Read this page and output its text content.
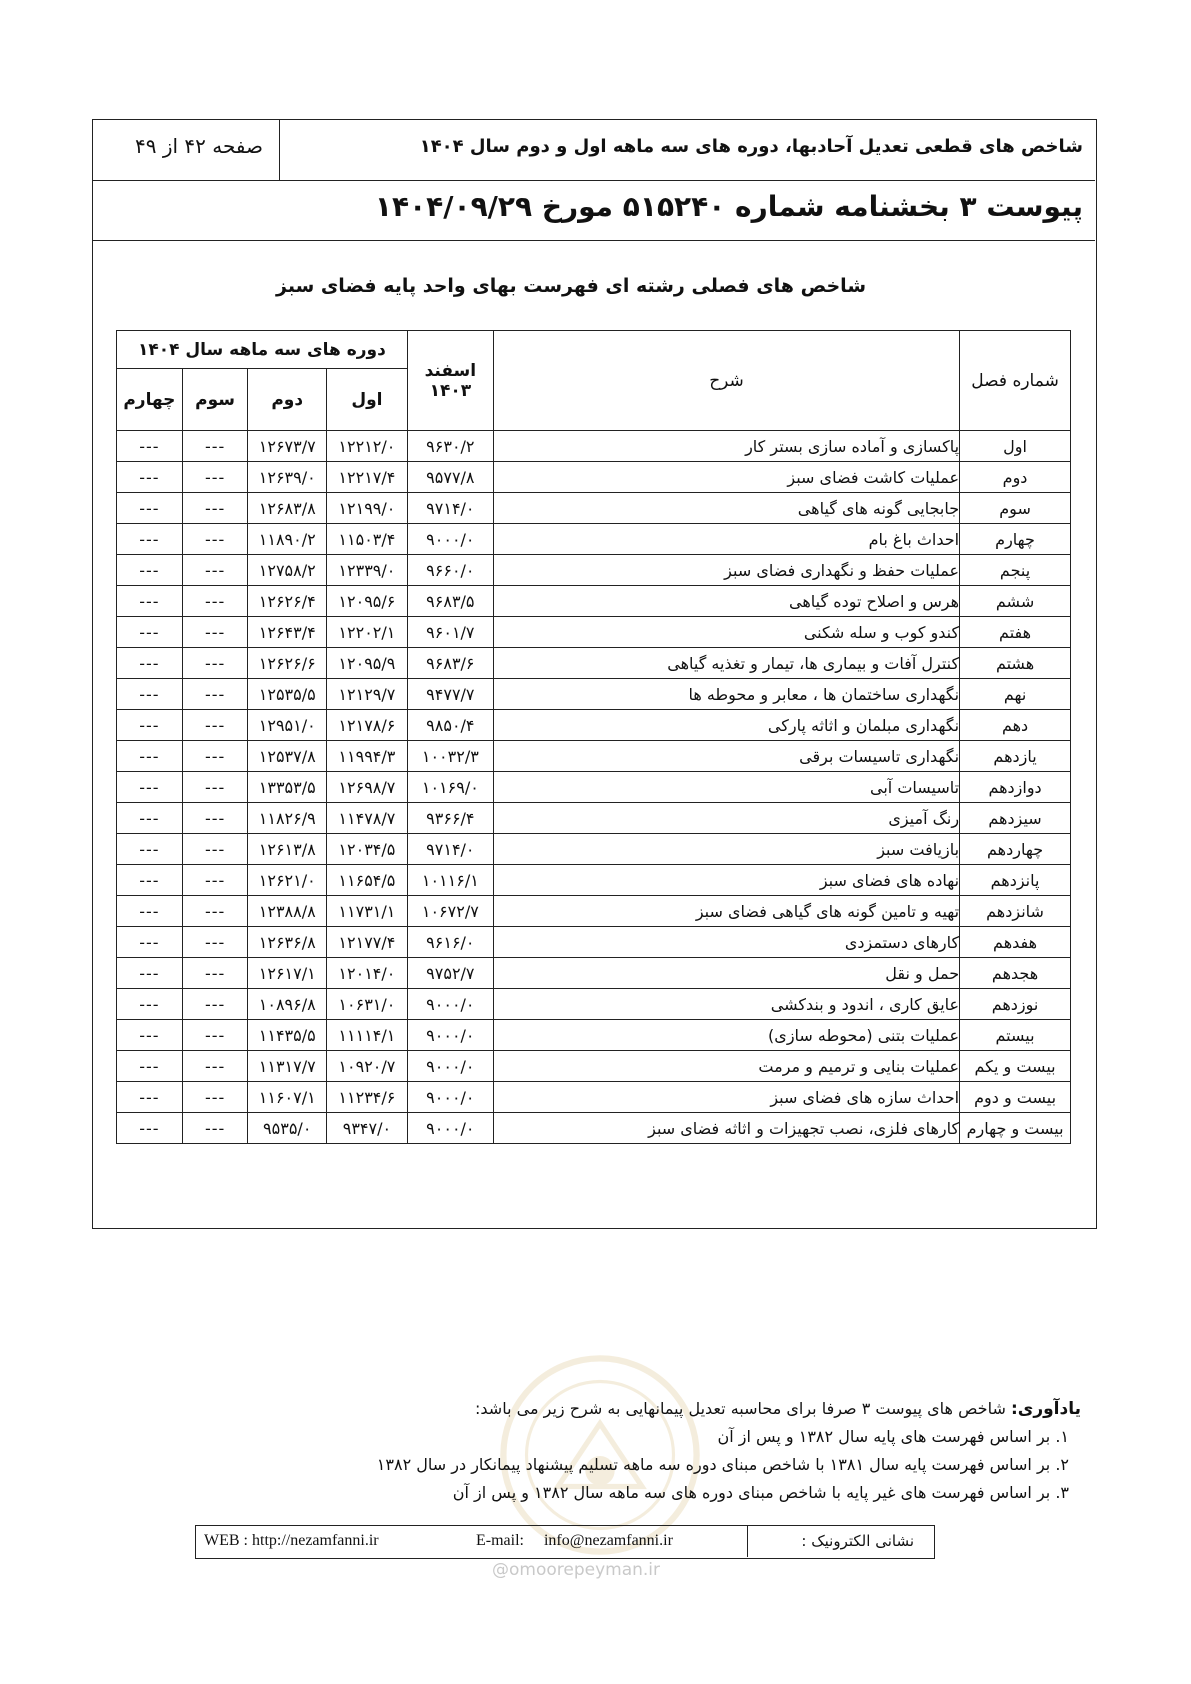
شاخص های قطعی تعدیل آحادبها، دوره های سه ماهه اول و دوم سال ۱۴۰۴
صفحه ۴۲ از ۴۹
پیوست ۳ بخشنامه شماره ۵۱۵۲۴۰ مورخ ۱۴۰۴/۰۹/۲۹
شاخص های فصلی رشته ای فهرست بهای واحد پایه فضای سبز
شماره فصل	شرح	اسفند
۱۴۰۳	دوره های سه ماهه سال ۱۴۰۴			
			اول	دوم	سوم	چهارم
اول	پاکسازی و آماده سازی بستر کار	۹۶۳۰/۲	۱۲۲۱۲/۰	۱۲۶۷۳/۷	---	---
دوم	عملیات کاشت فضای سبز	۹۵۷۷/۸	۱۲۲۱۷/۴	۱۲۶۳۹/۰	---	---
سوم	جابجایی گونه های گیاهی	۹۷۱۴/۰	۱۲۱۹۹/۰	۱۲۶۸۳/۸	---	---
چهارم	احداث باغ بام	۹۰۰۰/۰	۱۱۵۰۳/۴	۱۱۸۹۰/۲	---	---
پنجم	عملیات حفظ و نگهداری فضای سبز	۹۶۶۰/۰	۱۲۳۳۹/۰	۱۲۷۵۸/۲	---	---
ششم	هرس و اصلاح توده گیاهی	۹۶۸۳/۵	۱۲۰۹۵/۶	۱۲۶۲۶/۴	---	---
هفتم	کندو کوب و سله شکنی	۹۶۰۱/۷	۱۲۲۰۲/۱	۱۲۶۴۳/۴	---	---
هشتم	کنترل آفات و بیماری ها، تیمار و تغذیه گیاهی	۹۶۸۳/۶	۱۲۰۹۵/۹	۱۲۶۲۶/۶	---	---
نهم	نگهداری ساختمان ها ، معابر و محوطه ها	۹۴۷۷/۷	۱۲۱۲۹/۷	۱۲۵۳۵/۵	---	---
دهم	نگهداری مبلمان و اثاثه پارکی	۹۸۵۰/۴	۱۲۱۷۸/۶	۱۲۹۵۱/۰	---	---
یازدهم	نگهداری تاسیسات برقی	۱۰۰۳۲/۳	۱۱۹۹۴/۳	۱۲۵۳۷/۸	---	---
دوازدهم	تاسیسات آبی	۱۰۱۶۹/۰	۱۲۶۹۸/۷	۱۳۳۵۳/۵	---	---
سیزدهم	رنگ آمیزی	۹۳۶۶/۴	۱۱۴۷۸/۷	۱۱۸۲۶/۹	---	---
چهاردهم	بازیافت سبز	۹۷۱۴/۰	۱۲۰۳۴/۵	۱۲۶۱۳/۸	---	---
پانزدهم	نهاده های فضای سبز	۱۰۱۱۶/۱	۱۱۶۵۴/۵	۱۲۶۲۱/۰	---	---
شانزدهم	تهیه و تامین گونه های گیاهی فضای سبز	۱۰۶۷۲/۷	۱۱۷۳۱/۱	۱۲۳۸۸/۸	---	---
هفدهم	کارهای دستمزدی	۹۶۱۶/۰	۱۲۱۷۷/۴	۱۲۶۳۶/۸	---	---
هجدهم	حمل و نقل	۹۷۵۲/۷	۱۲۰۱۴/۰	۱۲۶۱۷/۱	---	---
نوزدهم	عایق کاری ، اندود و بندکشی	۹۰۰۰/۰	۱۰۶۳۱/۰	۱۰۸۹۶/۸	---	---
بیستم	عملیات بتنی (محوطه سازی)	۹۰۰۰/۰	۱۱۱۱۴/۱	۱۱۴۳۵/۵	---	---
بیست و یکم	عملیات بنایی و ترمیم و مرمت	۹۰۰۰/۰	۱۰۹۲۰/۷	۱۱۳۱۷/۷	---	---
بیست و دوم	احداث سازه های فضای سبز	۹۰۰۰/۰	۱۱۲۳۴/۶	۱۱۶۰۷/۱	---	---
بیست و چهارم	کارهای فلزی، نصب تجهیزات و اثاثه فضای سبز	۹۰۰۰/۰	۹۳۴۷/۰	۹۵۳۵/۰	---	---
@omoorepeyman.ir
یادآوری: شاخص های پیوست ۳ صرفا برای محاسبه تعدیل پیمانهایی به شرح زیر می باشد:
۱. بر اساس فهرست های پایه سال ۱۳۸۲ و پس از آن
۲. بر اساس فهرست پایه سال ۱۳۸۱ با شاخص مبنای دوره سه ماهه تسلیم پیشنهاد پیمانکار در سال ۱۳۸۲
۳. بر اساس فهرست های غیر پایه با شاخص مبنای دوره های سه ماهه سال ۱۳۸۲ و پس از آن
نشانی الکترونیک :
E-mail:     info@nezamfanni.ir
WEB : http://nezamfanni.ir
